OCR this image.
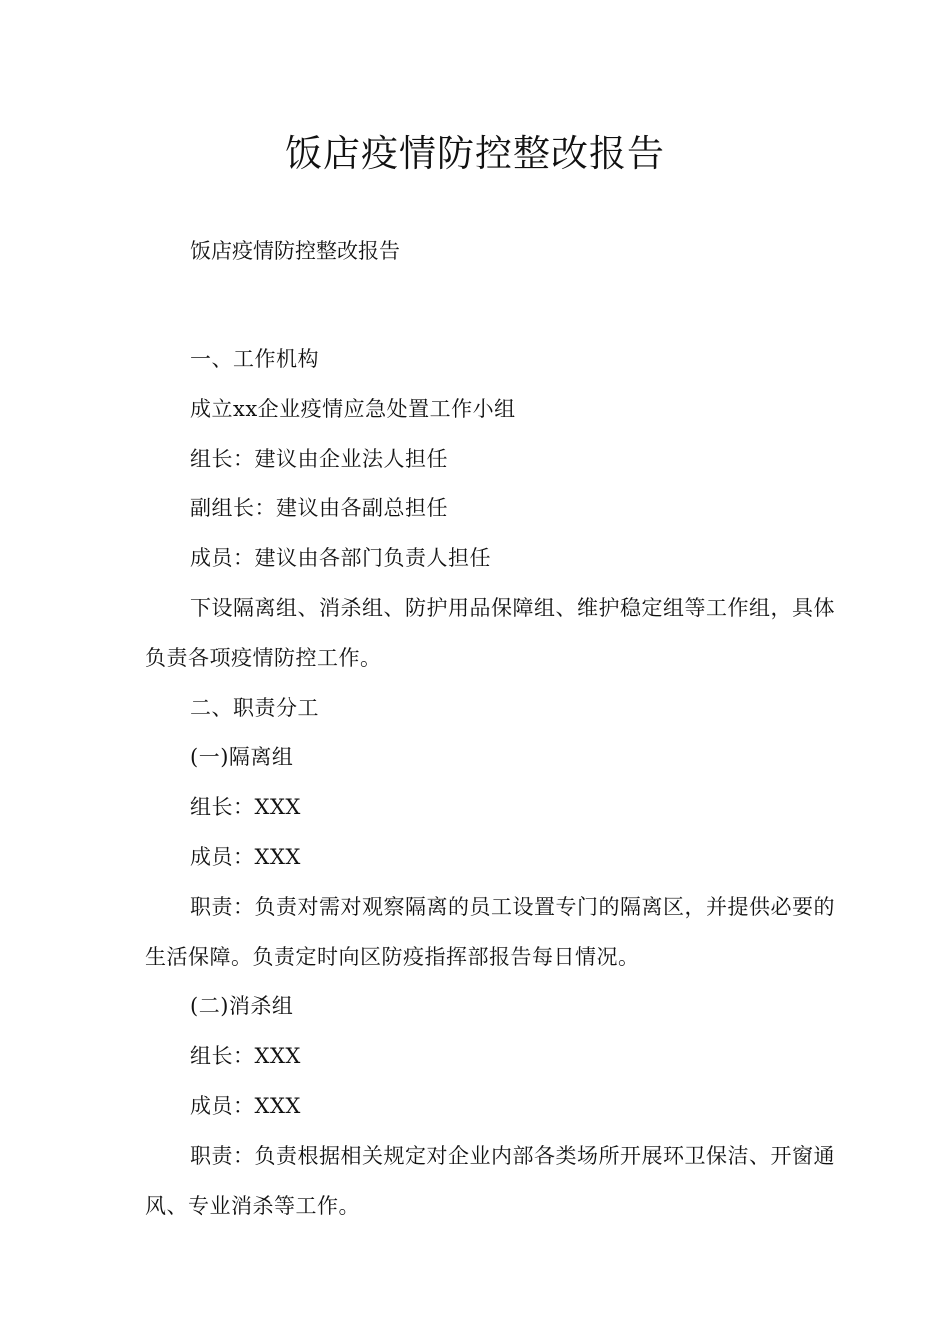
饭店疫情防控整改报告

饭店疫情防控整改报告

一、工作机构

成立xx企业疫情应急处置工作小组

组长：建议由企业法人担任

副组长：建议由各副总担任

成员：建议由各部门负责人担任

下设隔离组、消杀组、防护用品保障组、维护稳定组等工作组，具体负责各项疫情防控工作。

二、职责分工

(一)隔离组

组长：XXX

成员：XXX

职责：负责对需对观察隔离的员工设置专门的隔离区，并提供必要的生活保障。负责定时向区防疫指挥部报告每日情况。

(二)消杀组

组长：XXX

成员：XXX

职责：负责根据相关规定对企业内部各类场所开展环卫保洁、开窗通风、专业消杀等工作。
